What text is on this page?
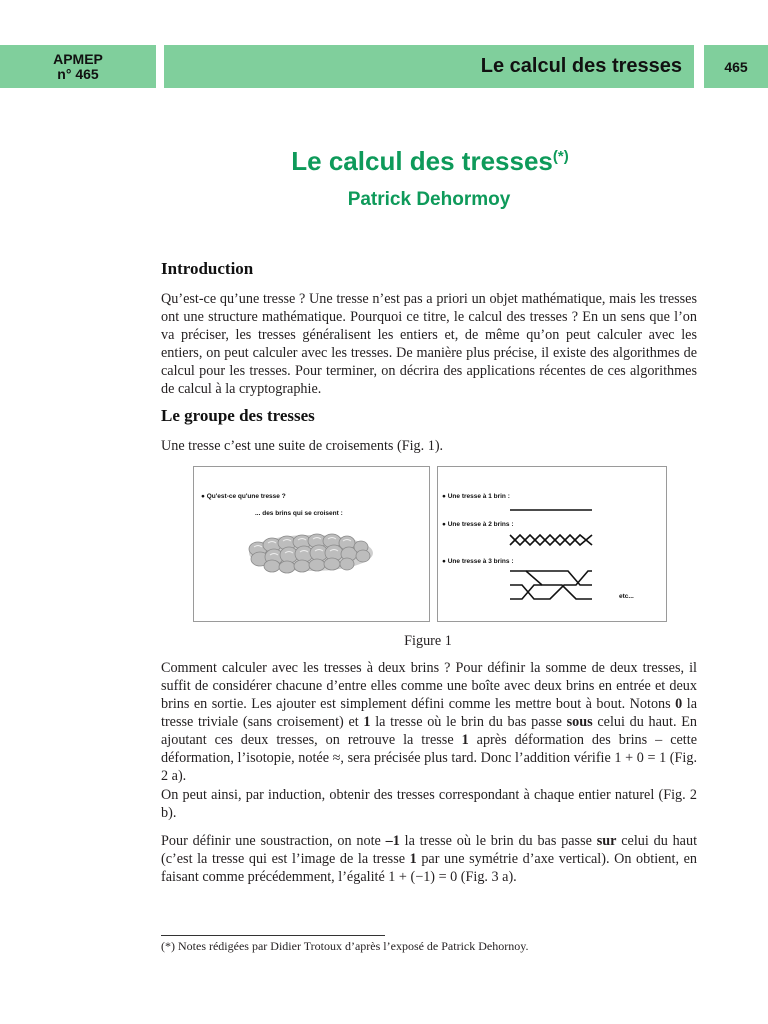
APMEP
n° 465	Le calcul des tresses	465
Le calcul des tresses(*)
Patrick Dehormoy
Introduction
Qu’est-ce qu’une tresse ? Une tresse n’est pas a priori un objet mathématique, mais les tresses ont une structure mathématique. Pourquoi ce titre, le calcul des tresses ? En un sens que l’on va préciser, les tresses généralisent les entiers et, de même qu’on peut calculer avec les entiers, on peut calculer avec les tresses. De manière plus précise, il existe des algorithmes de calcul pour les tresses. Pour terminer, on décrira des applications récentes de ces algorithmes de calcul à la cryptographie.
Le groupe des tresses
Une tresse c’est une suite de croisements (Fig. 1).
● Qu'est-ce qu'une tresse ?
... des brins qui se croisent :
● Une tresse à 1 brin :
● Une tresse à 2 brins :
● Une tresse à 3 brins :
etc...
Figure 1
Comment calculer avec les tresses à deux brins ? Pour définir la somme de deux tresses, il suffit de considérer chacune d’entre elles comme une boîte avec deux brins en entrée et deux brins en sortie. Les ajouter est simplement défini comme les mettre bout à bout. Notons 0 la tresse triviale (sans croisement) et 1 la tresse où le brin du bas passe sous celui du haut. En ajoutant ces deux tresses, on retrouve la tresse 1 après déformation des brins – cette déformation, l’isotopie, notée ≈, sera précisée plus tard. Donc l’addition vérifie 1 + 0 = 1 (Fig. 2 a).
On peut ainsi, par induction, obtenir des tresses correspondant à chaque entier naturel (Fig. 2 b).
Pour définir une soustraction, on note –1 la tresse où le brin du bas passe sur celui du haut (c’est la tresse qui est l’image de la tresse 1 par une symétrie d’axe vertical). On obtient, en faisant comme précédemment, l’égalité 1 + (−1) = 0 (Fig. 3 a).
(*) Notes rédigées par Didier Trotoux d’après l’exposé de Patrick Dehornoy.
